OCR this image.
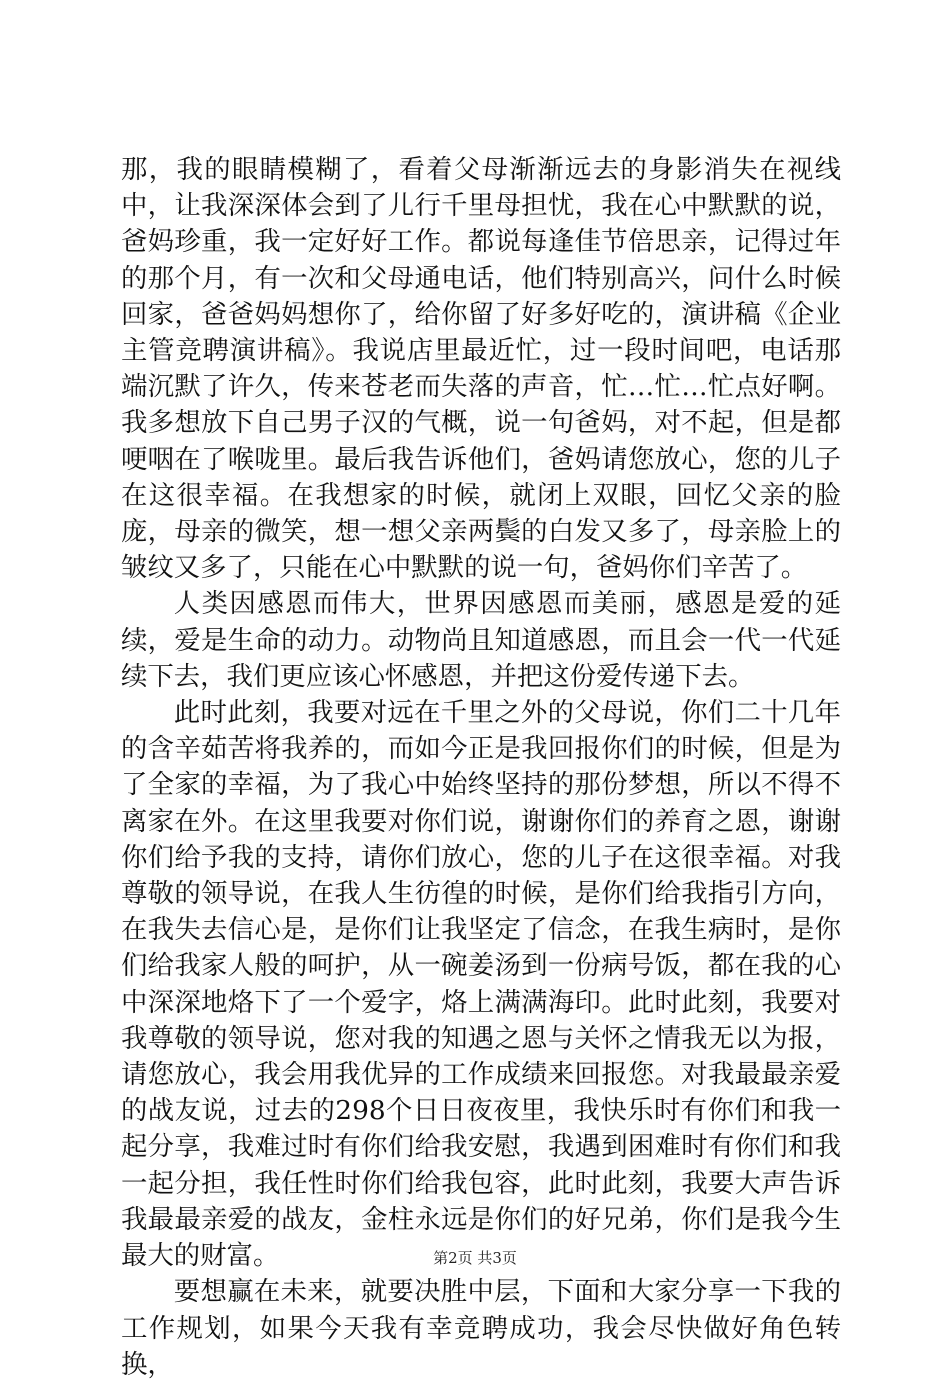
那，我的眼睛模糊了，看着父母渐渐远去的身影消失在视线中，让我深深体会到了儿行千里母担忧，我在心中默默的说，爸妈珍重，我一定好好工作。都说每逢佳节倍思亲，记得过年的那个月，有一次和父母通电话，他们特别高兴，问什么时候回家，爸爸妈妈想你了，给你留了好多好吃的，演讲稿《企业主管竞聘演讲稿》。我说店里最近忙，过一段时间吧，电话那端沉默了许久，传来苍老而失落的声音，忙…忙…忙点好啊。我多想放下自己男子汉的气概，说一句爸妈，对不起，但是都哽咽在了喉咙里。最后我告诉他们，爸妈请您放心，您的儿子在这很幸福。在我想家的时候，就闭上双眼，回忆父亲的脸庞，母亲的微笑，想一想父亲两鬓的白发又多了，母亲脸上的皱纹又多了，只能在心中默默的说一句，爸妈你们辛苦了。

人类因感恩而伟大，世界因感恩而美丽，感恩是爱的延续，爱是生命的动力。动物尚且知道感恩，而且会一代一代延续下去，我们更应该心怀感恩，并把这份爱传递下去。

此时此刻，我要对远在千里之外的父母说，你们二十几年的含辛茹苦将我养的，而如今正是我回报你们的时候，但是为了全家的幸福，为了我心中始终坚持的那份梦想，所以不得不离家在外。在这里我要对你们说，谢谢你们的养育之恩，谢谢你们给予我的支持，请你们放心，您的儿子在这很幸福。对我尊敬的领导说，在我人生彷徨的时候，是你们给我指引方向，在我失去信心是，是你们让我坚定了信念，在我生病时，是你们给我家人般的呵护，从一碗姜汤到一份病号饭，都在我的心中深深地烙下了一个爱字，烙上满满海印。此时此刻，我要对我尊敬的领导说，您对我的知遇之恩与关怀之情我无以为报，请您放心，我会用我优异的工作成绩来回报您。对我最最亲爱的战友说，过去的298个日日夜夜里，我快乐时有你们和我一起分享，我难过时有你们给我安慰，我遇到困难时有你们和我一起分担，我任性时你们给我包容，此时此刻，我要大声告诉我最最亲爱的战友，金柱永远是你们的好兄弟，你们是我今生最大的财富。

要想赢在未来，就要决胜中层，下面和大家分享一下我的工作规划，如果今天我有幸竞聘成功，我会尽快做好角色转换，

第2页 共3页
